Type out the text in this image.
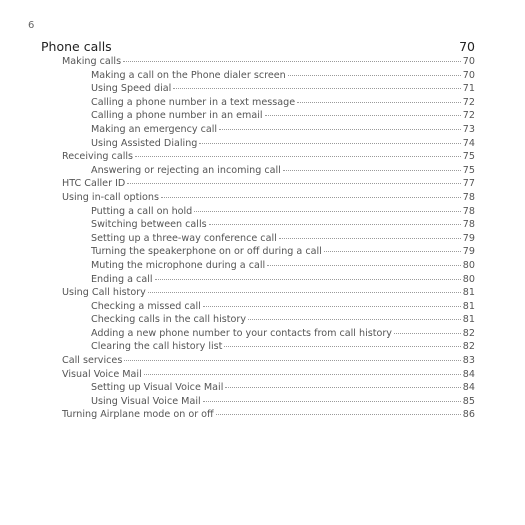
6
Phone calls	70
Making calls	70
Making a call on the Phone dialer screen	70
Using Speed dial	71
Calling a phone number in a text message	72
Calling a phone number in an email	72
Making an emergency call	73
Using Assisted Dialing	74
Receiving calls	75
Answering or rejecting an incoming call	75
HTC Caller ID	77
Using in-call options	78
Putting a call on hold	78
Switching between calls	78
Setting up a three-way conference call	79
Turning the speakerphone on or off during a call	79
Muting the microphone during a call	80
Ending a call	80
Using Call history	81
Checking a missed call	81
Checking calls in the call history	81
Adding a new phone number to your contacts from call history	82
Clearing the call history list	82
Call services	83
Visual Voice Mail	84
Setting up Visual Voice Mail	84
Using Visual Voice Mail	85
Turning Airplane mode on or off	86
